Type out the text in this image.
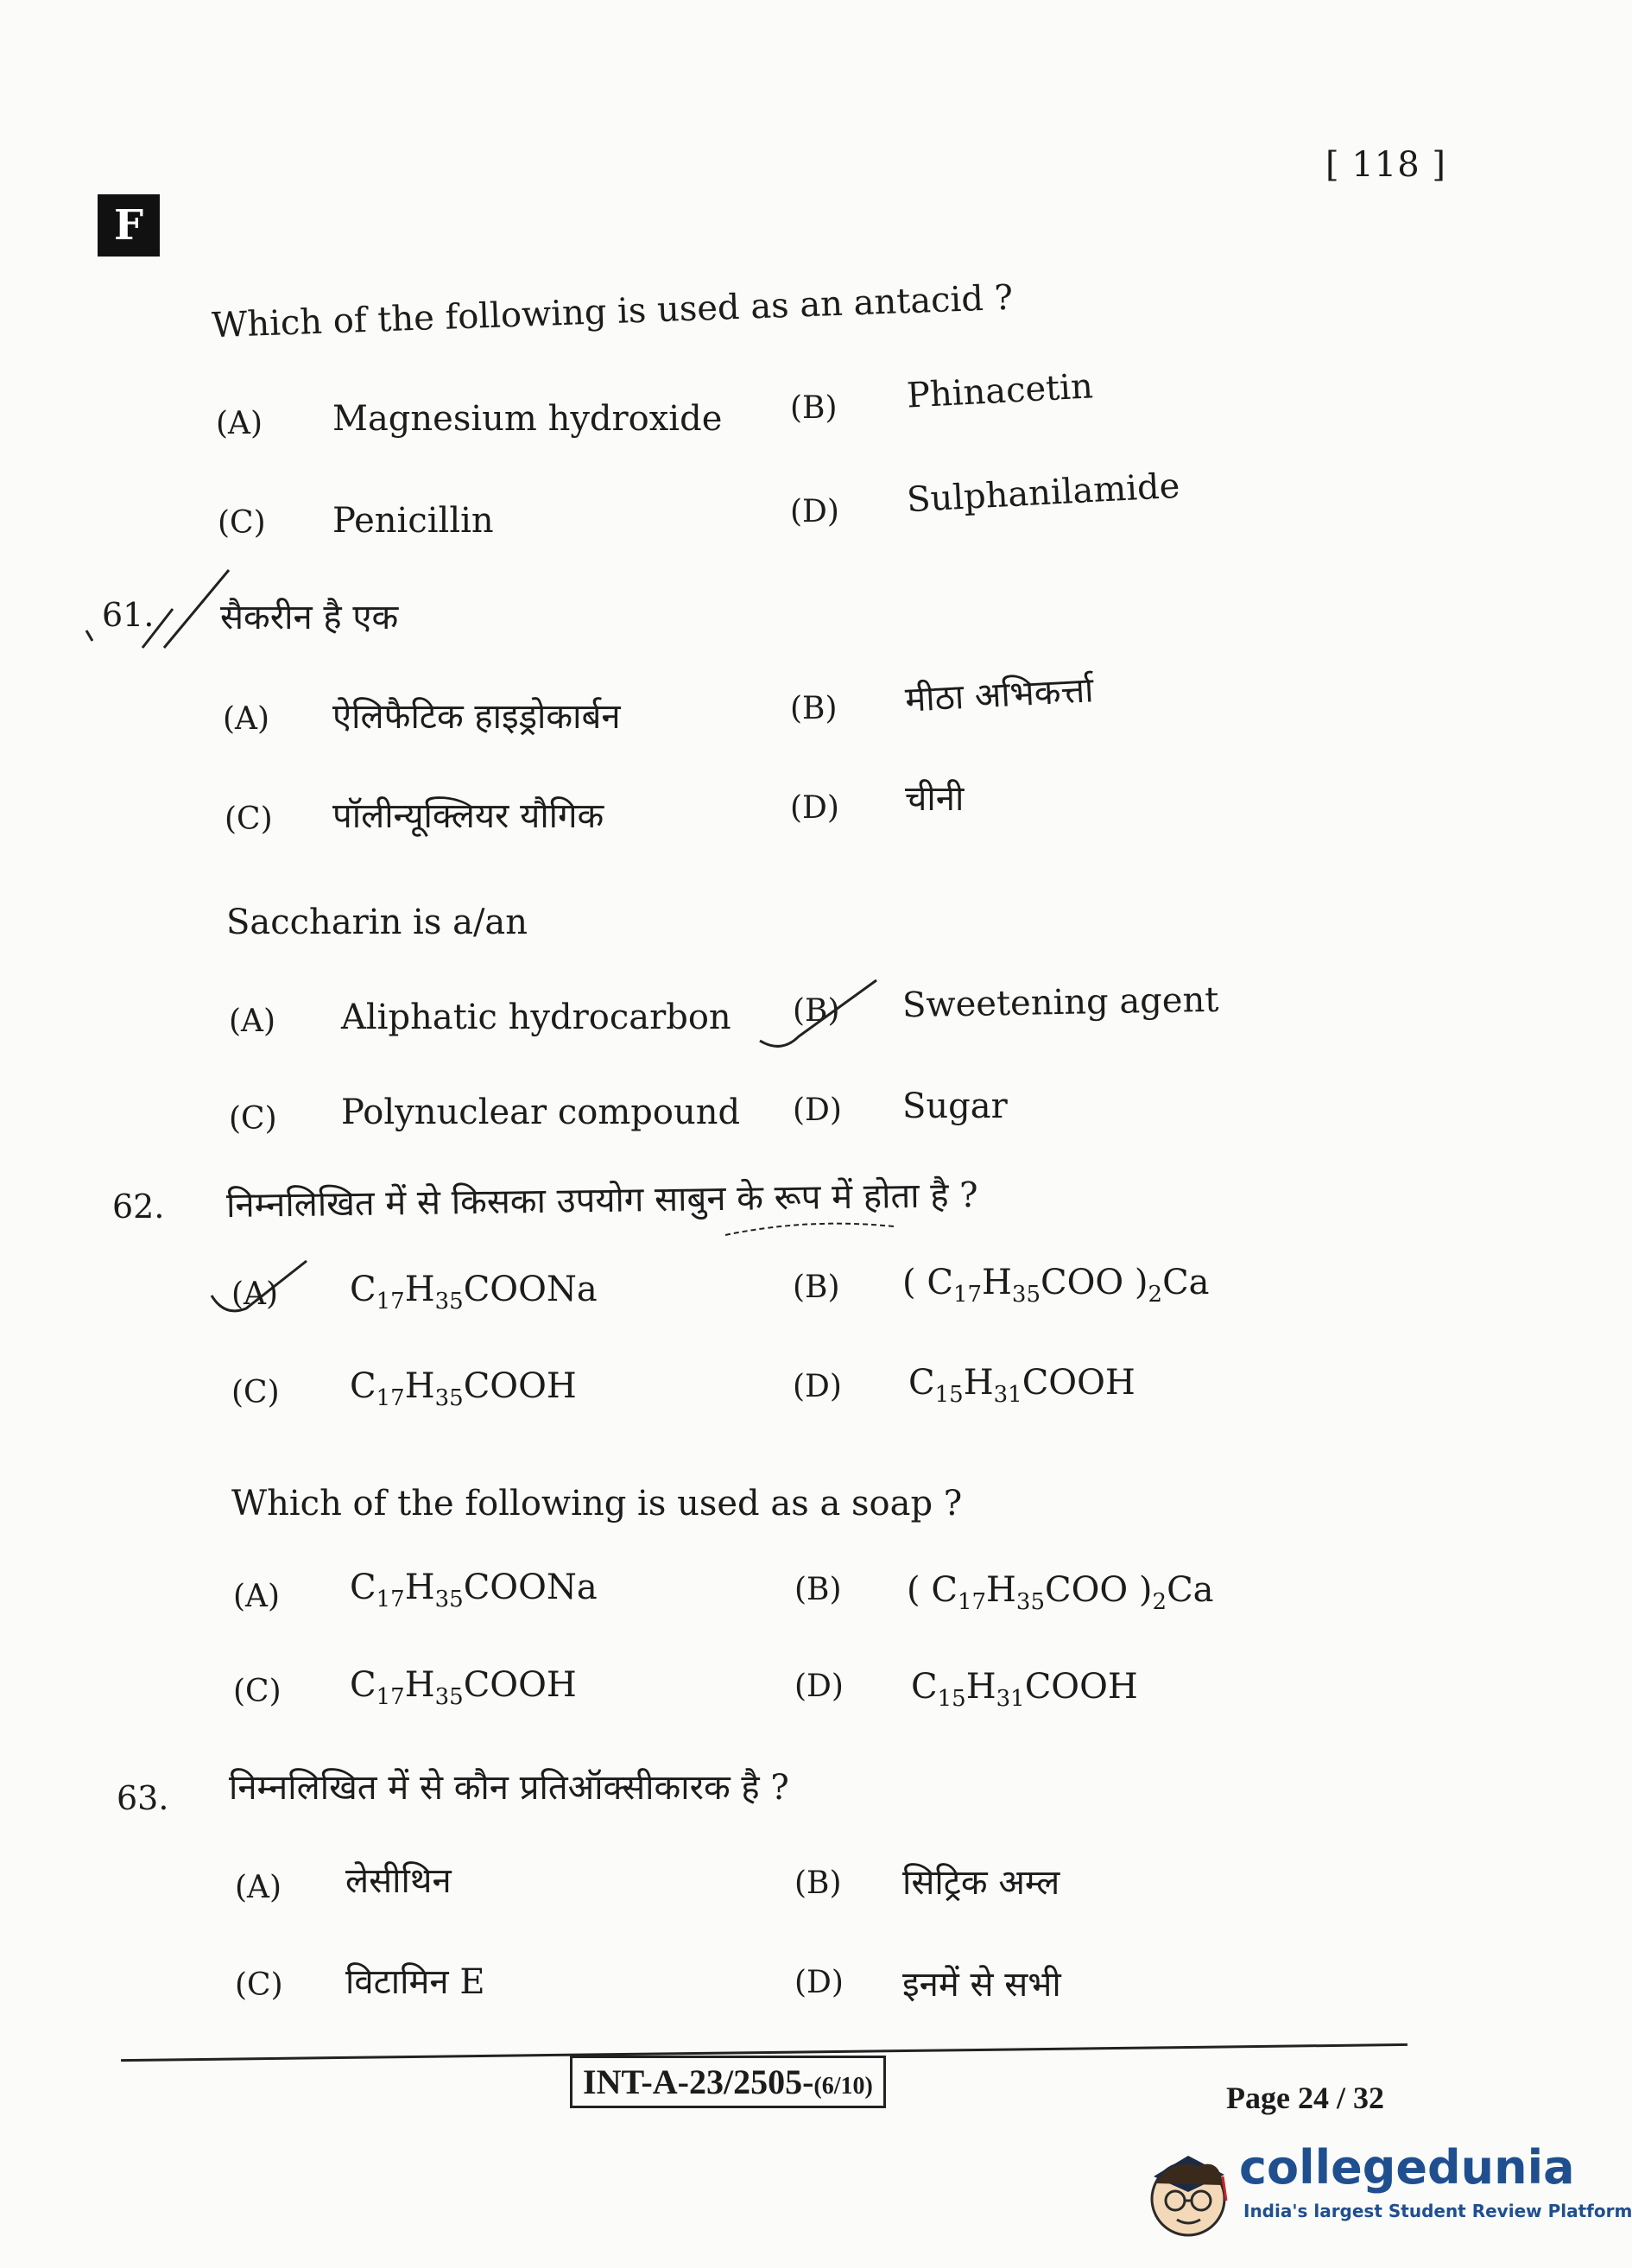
[ 118 ]
F
Which of the following is used as an antacid ?
(A) Magnesium hydroxide (B) Phinacetin
(C) Penicillin	(D) Sulphanilamide
61. सैकरीन है एक
(A) ऐलिफैटिक हाइड्रोकार्बन	(B) मीठा अभिकर्त्ता
(C) पॉलीन्यूक्लियर यौगिक	(D) चीनी
Saccharin is a/an
(A) Aliphatic hydrocarbon (B) Sweetening agent
(C) Polynuclear compound (D) Sugar
62. निम्नलिखित में से किसका उपयोग साबुन के रूप में होता है ?
(A) $C_{17}H_{35}COONa$	(B) ( $C_{17}H_{35}COO$ )$_2Ca$
(C) $C_{17}H_{35}COOH$	(D) $C_{15}H_{31}COOH$
Which of the following is used as a soap ?
(A) $C_{17}H_{35}COONa$	(B) ( $C_{17}H_{35}COO$ )$_2Ca$
(C) $C_{17}H_{35}COOH$	(D) $C_{15}H_{31}COOH$
63. निम्नलिखित में से कौन प्रतिऑक्सीकारक है ?
(A) लेसीथिन	(B) सिट्रिक अम्ल
(C) विटामिन E	(D) इनमें से सभी
INT-A-23/2505-(6/10)	Page 24 / 32
collegedunia
India's largest Student Review Platform
